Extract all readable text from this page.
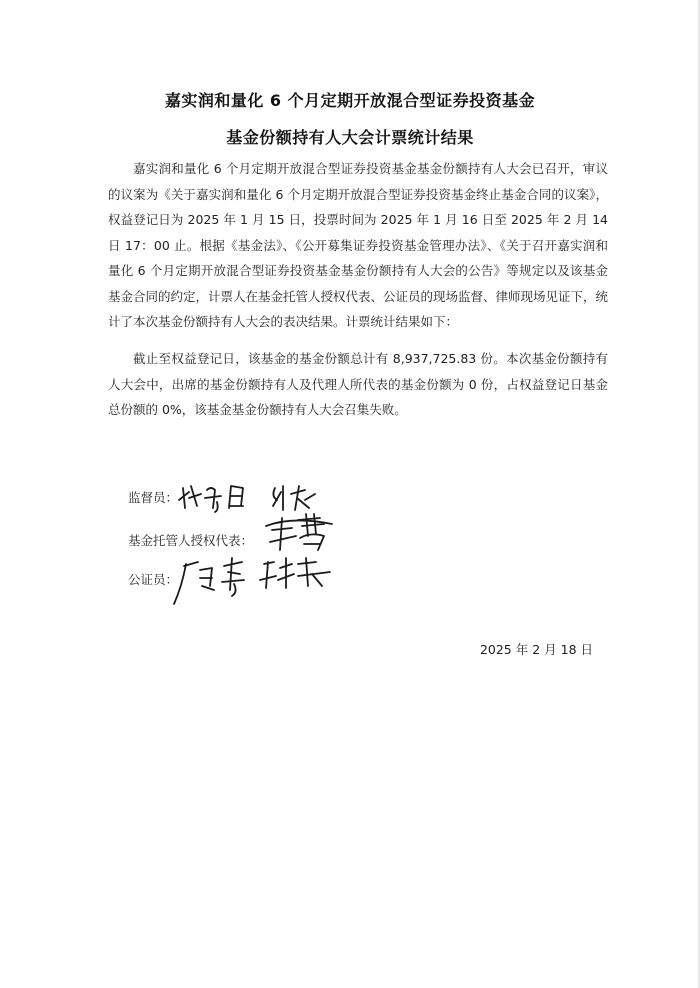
嘉实润和量化 6 个月定期开放混合型证券投资基金
基金份额持有人大会计票统计结果
嘉实润和量化 6 个月定期开放混合型证券投资基金基金份额持有人大会已召开，审议的议案为《关于嘉实润和量化 6 个月定期开放混合型证券投资基金终止基金合同的议案》，权益登记日为 2025 年 1 月 15 日，投票时间为 2025 年 1 月 16 日至 2025 年 2 月 14 日 17：00 止。根据《基金法》、《公开募集证券投资基金管理办法》、《关于召开嘉实润和量化 6 个月定期开放混合型证券投资基金基金份额持有人大会的公告》等规定以及该基金基金合同的约定，计票人在基金托管人授权代表、公证员的现场监督、律师现场见证下，统计了本次基金份额持有人大会的表决结果。计票统计结果如下：
截止至权益登记日，该基金的基金份额总计有 8,937,725.83 份。本次基金份额持有人大会中，出席的基金份额持有人及代理人所代表的基金份额为 0 份，占权益登记日基金总份额的 0%，该基金基金份额持有人大会召集失败。
监督员：
基金托管人授权代表：
公证员：
2025 年 2 月 18 日
